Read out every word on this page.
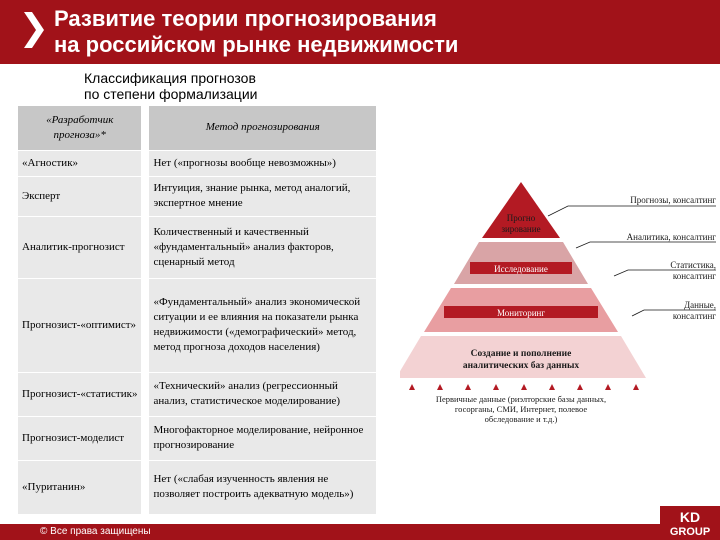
Развитие теории прогнозирования
на российском рынке недвижимости
Классификация прогнозов
по степени формализации
«Разработчик прогноза»*	Метод прогнозирования
«Агностик»	Нет («прогнозы вообще невозможны»)
Эксперт	Интуиция, знание рынка, метод аналогий, экспертное мнение
Аналитик-прогнозист	Количественный и качественный «фундаментальный» анализ факторов, сценарный метод
Прогнозист-«оптимист»	«Фундаментальный» анализ экономической ситуации и ее влияния на показатели рынка недвижимости («демографический» метод, метод прогноза доходов населения)
Прогнозист-«статистик»	«Технический» анализ (регрессионный анализ, статистическое моделирование)
Прогнозист-моделист	Многофакторное моделирование, нейронное прогнозирование
«Пуританин»	Нет («слабая изученность явления не позволяет построить адекватную модель»)
Прогно
зирование
Исследование
Мониторинг
Создание и пополнение
аналитических баз данных
Первичные данные (риэлторские базы данных,
госорганы, СМИ, Интернет, полевое
обследование и т.д.)
Прогнозы, консалтинг
Аналитика, консалтинг
Статистика,
консалтинг
Данные,
консалтинг
© Все права защищены
KD
GROUP
